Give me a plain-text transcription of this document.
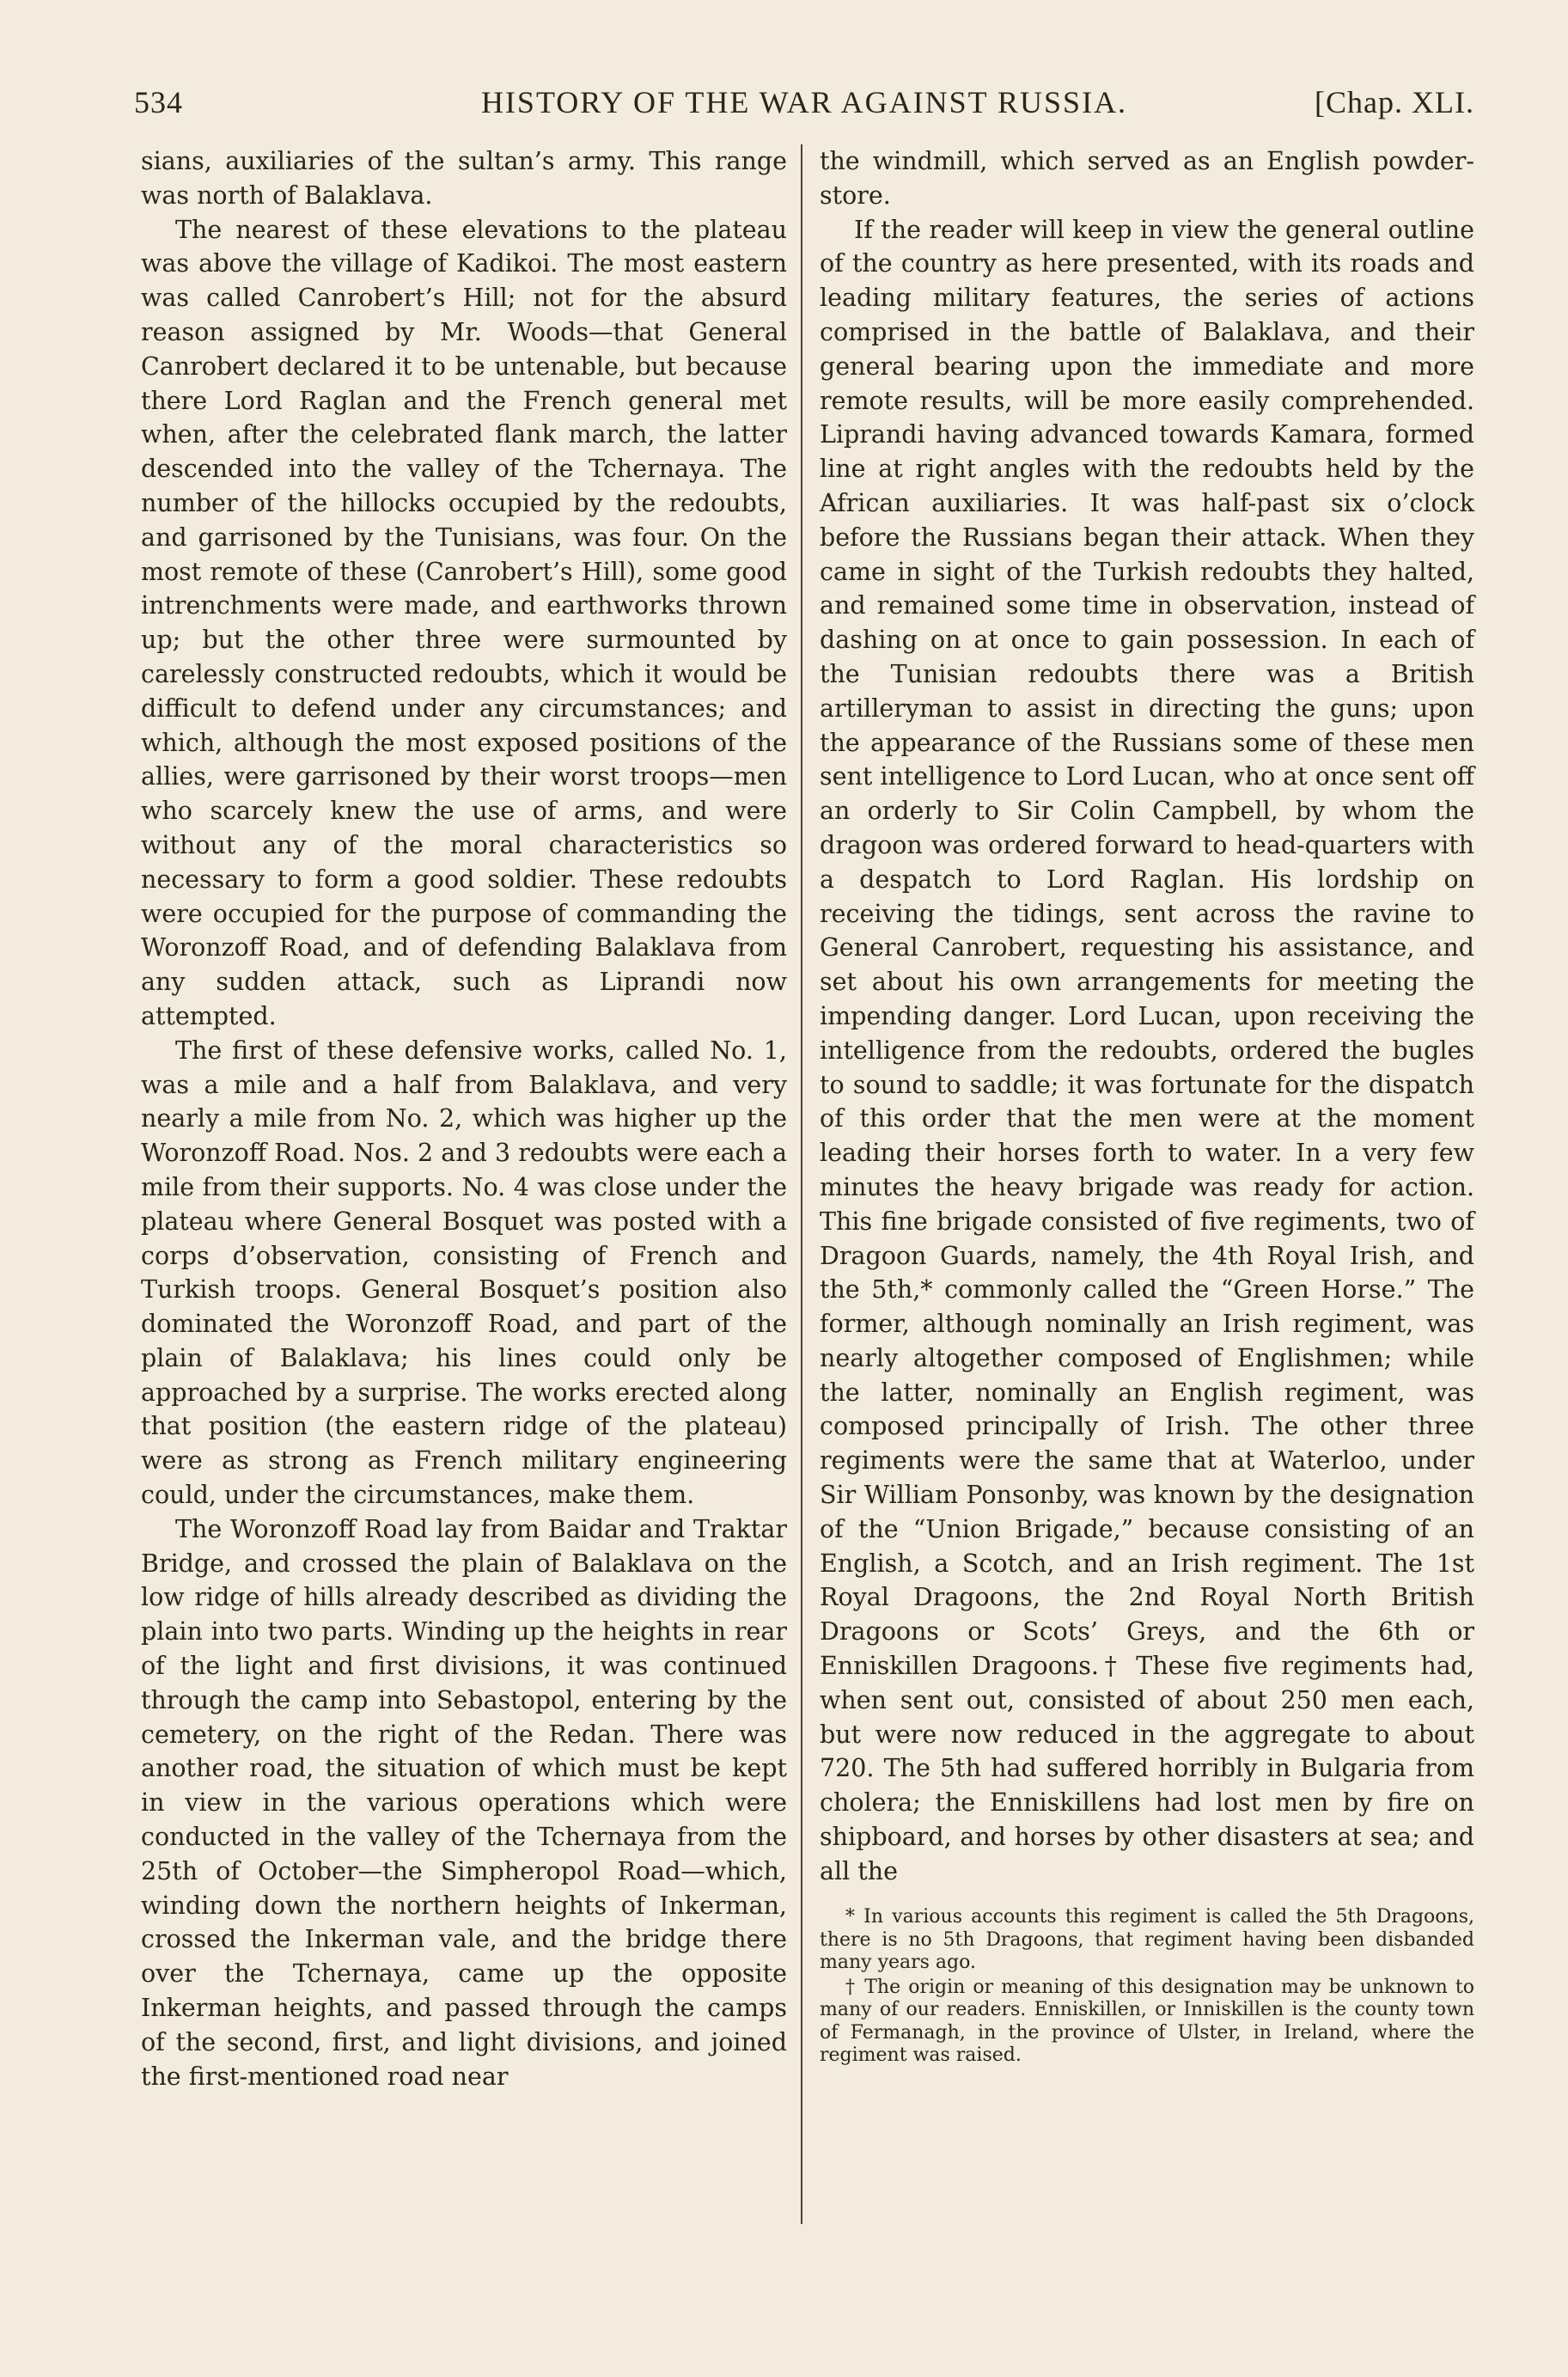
534	HISTORY OF THE WAR AGAINST RUSSIA.	[Chap. XLI.

sians, auxiliaries of the sultan’s army. This range was north of Balaklava.

The nearest of these elevations to the plateau was above the village of Kadikoi. The most eastern was called Canrobert’s Hill; not for the absurd reason assigned by Mr. Woods—that General Canrobert declared it to be untenable, but because there Lord Raglan and the French general met when, after the celebrated flank march, the latter descended into the valley of the Tchernaya. The number of the hillocks occupied by the redoubts, and garrisoned by the Tunisians, was four. On the most remote of these (Canrobert’s Hill), some good intrenchments were made, and earthworks thrown up; but the other three were surmounted by carelessly constructed redoubts, which it would be difficult to defend under any circumstances; and which, although the most exposed positions of the allies, were garrisoned by their worst troops—men who scarcely knew the use of arms, and were without any of the moral characteristics so necessary to form a good soldier. These redoubts were occupied for the purpose of commanding the Woronzoff Road, and of defending Balaklava from any sudden attack, such as Liprandi now attempted.

The first of these defensive works, called No. 1, was a mile and a half from Balaklava, and very nearly a mile from No. 2, which was higher up the Woronzoff Road. Nos. 2 and 3 redoubts were each a mile from their supports. No. 4 was close under the plateau where General Bosquet was posted with a corps d’observation, consisting of French and Turkish troops. General Bosquet’s position also dominated the Woronzoff Road, and part of the plain of Balaklava; his lines could only be approached by a surprise. The works erected along that position (the eastern ridge of the plateau) were as strong as French military engineering could, under the circumstances, make them.

The Woronzoff Road lay from Baidar and Traktar Bridge, and crossed the plain of Balaklava on the low ridge of hills already described as dividing the plain into two parts. Winding up the heights in rear of the light and first divisions, it was continued through the camp into Sebastopol, entering by the cemetery, on the right of the Redan. There was another road, the situation of which must be kept in view in the various operations which were conducted in the valley of the Tchernaya from the 25th of October—the Simpheropol Road—which, winding down the northern heights of Inkerman, crossed the Inkerman vale, and the bridge there over the Tchernaya, came up the opposite Inkerman heights, and passed through the camps of the second, first, and light divisions, and joined the first-mentioned road near

the windmill, which served as an English powder-store.

If the reader will keep in view the general outline of the country as here presented, with its roads and leading military features, the series of actions comprised in the battle of Balaklava, and their general bearing upon the immediate and more remote results, will be more easily comprehended. Liprandi having advanced towards Kamara, formed line at right angles with the redoubts held by the African auxiliaries. It was half-past six o’clock before the Russians began their attack. When they came in sight of the Turkish redoubts they halted, and remained some time in observation, instead of dashing on at once to gain possession. In each of the Tunisian redoubts there was a British artilleryman to assist in directing the guns; upon the appearance of the Russians some of these men sent intelligence to Lord Lucan, who at once sent off an orderly to Sir Colin Campbell, by whom the dragoon was ordered forward to head-quarters with a despatch to Lord Raglan. His lordship on receiving the tidings, sent across the ravine to General Canrobert, requesting his assistance, and set about his own arrangements for meeting the impending danger. Lord Lucan, upon receiving the intelligence from the redoubts, ordered the bugles to sound to saddle; it was fortunate for the dispatch of this order that the men were at the moment leading their horses forth to water. In a very few minutes the heavy brigade was ready for action. This fine brigade consisted of five regiments, two of Dragoon Guards, namely, the 4th Royal Irish, and the 5th,* commonly called the “Green Horse.” The former, although nominally an Irish regiment, was nearly altogether composed of Englishmen; while the latter, nominally an English regiment, was composed principally of Irish. The other three regiments were the same that at Waterloo, under Sir William Ponsonby, was known by the designation of the “Union Brigade,” because consisting of an English, a Scotch, and an Irish regiment. The 1st Royal Dragoons, the 2nd Royal North British Dragoons or Scots’ Greys, and the 6th or Enniskillen Dragoons.† These five regiments had, when sent out, consisted of about 250 men each, but were now reduced in the aggregate to about 720. The 5th had suffered horribly in Bulgaria from cholera; the Enniskillens had lost men by fire on shipboard, and horses by other disasters at sea; and all the

* In various accounts this regiment is called the 5th Dragoons, there is no 5th Dragoons, that regiment having been disbanded many years ago.

† The origin or meaning of this designation may be unknown to many of our readers. Enniskillen, or Inniskillen is the county town of Fermanagh, in the province of Ulster, in Ireland, where the regiment was raised.
